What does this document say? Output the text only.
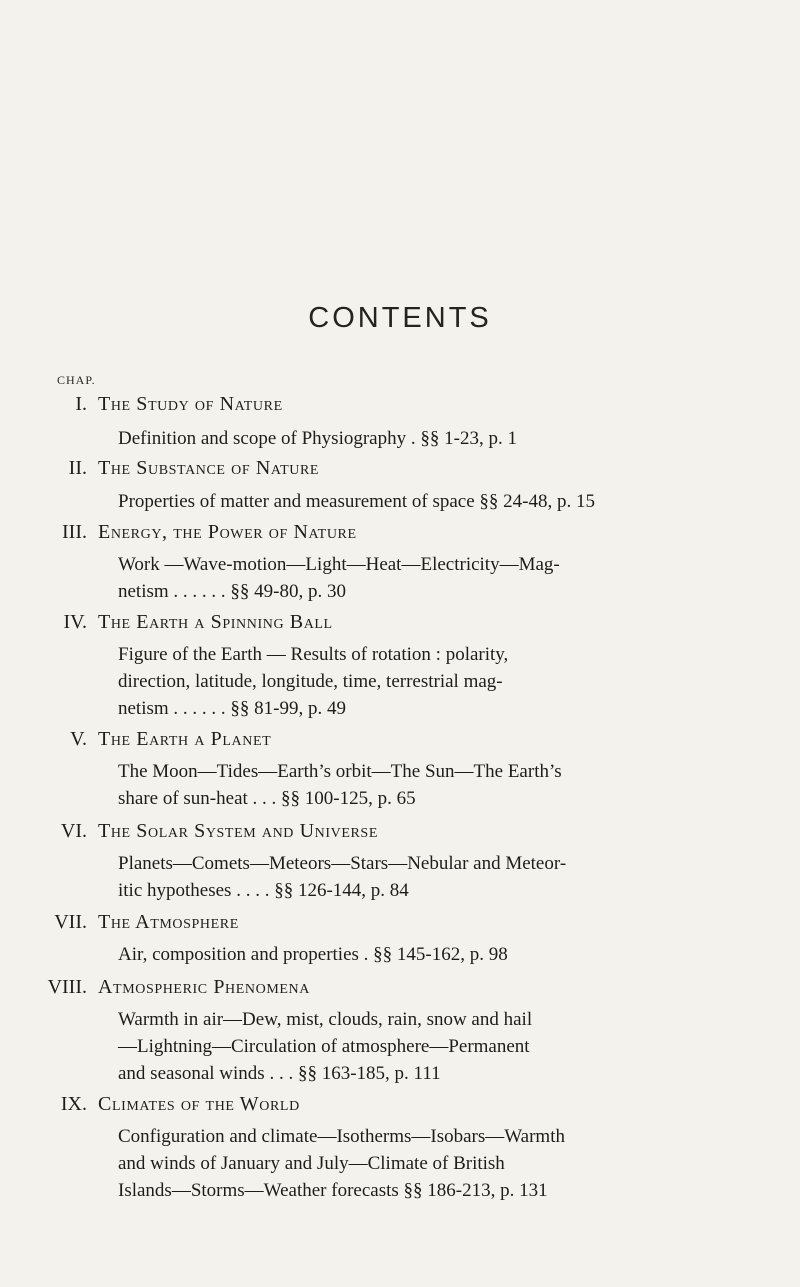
CONTENTS
CHAP.
I. The Study of Nature
Definition and scope of Physiography . §§ 1-23, p. 1
II. The Substance of Nature
Properties of matter and measurement of space §§ 24-48, p. 15
III. Energy, the Power of Nature
Work —Wave-motion—Light—Heat—Electricity—Mag-
netism . . . . . . §§ 49-80, p. 30
IV. The Earth a Spinning Ball
Figure of the Earth — Results of rotation : polarity,
direction, latitude, longitude, time, terrestrial mag-
netism . . . . . . §§ 81-99, p. 49
V. The Earth a Planet
The Moon—Tides—Earth’s orbit—The Sun—The Earth’s
share of sun-heat . . . §§ 100-125, p. 65
VI. The Solar System and Universe
Planets—Comets—Meteors—Stars—Nebular and Meteor-
itic hypotheses . . . . §§ 126-144, p. 84
VII. The Atmosphere
Air, composition and properties . §§ 145-162, p. 98
VIII. Atmospheric Phenomena
Warmth in air—Dew, mist, clouds, rain, snow and hail
—Lightning—Circulation of atmosphere—Permanent
and seasonal winds . . . §§ 163-185, p. 111
IX. Climates of the World
Configuration and climate—Isotherms—Isobars—Warmth
and winds of January and July—Climate of British
Islands—Storms—Weather forecasts §§ 186-213, p. 131
